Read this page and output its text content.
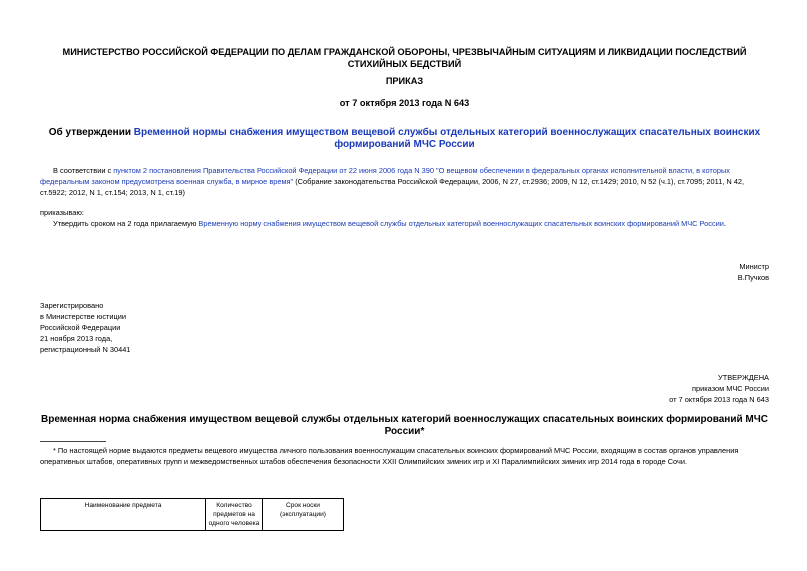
МИНИСТЕРСТВО РОССИЙСКОЙ ФЕДЕРАЦИИ ПО ДЕЛАМ ГРАЖДАНСКОЙ ОБОРОНЫ, ЧРЕЗВЫЧАЙНЫМ СИТУАЦИЯМ И ЛИКВИДАЦИИ ПОСЛЕДСТВИЙ СТИХИЙНЫХ БЕДСТВИЙ
ПРИКАЗ
от 7 октября 2013 года N 643
Об утверждении Временной нормы снабжения имуществом вещевой службы отдельных категорий военнослужащих спасательных воинских формирований МЧС России
В соответствии с пунктом 2 постановления Правительства Российской Федерации от 22 июня 2006 года N 390 "О вещевом обеспечении в федеральных органах исполнительной власти, в которых федеральным законом предусмотрена военная служба, в мирное время" (Собрание законодательства Российской Федерации, 2006, N 27, ст.2936; 2009, N 12, ст.1429; 2010, N 52 (ч.1), ст.7095; 2011, N 42, ст.5922; 2012, N 1, ст.154; 2013, N 1, ст.19)
приказываю:
Утвердить сроком на 2 года прилагаемую Временную норму снабжения имуществом вещевой службы отдельных категорий военнослужащих спасательных воинских формирований МЧС России.
Министр
В.Пучков
Зарегистрировано
в Министерстве юстиции
Российской Федерации
21 ноября 2013 года,
регистрационный N 30441
УТВЕРЖДЕНА
приказом МЧС России
от 7 октября 2013 года N 643
Временная норма снабжения имуществом вещевой службы отдельных категорий военнослужащих спасательных воинских формирований МЧС России*
* По настоящей норме выдаются предметы вещевого имущества личного пользования военнослужащим спасательных воинских формирований МЧС России, входящим в состав органов управления оперативных штабов, оперативных групп и межведомственных штабов обеспечения безопасности XXII Олимпийских зимних игр и XI Паралимпийских зимних игр 2014 года в городе Сочи.
Наименование предмета	Количество предметов на одного человека	Срок носки (эксплуатации)	
